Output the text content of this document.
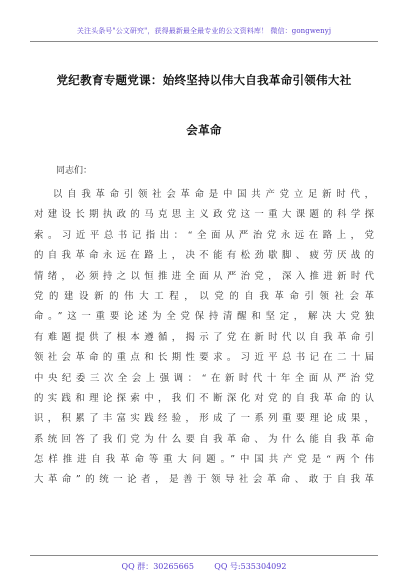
关注头条号"公文研究"，获得最新最全最专业的公文资料库！ 微信：gongwenyj
党纪教育专题党课：始终坚持以伟大自我革命引领伟大社
会革命
同志们：
以自我革命引领社会革命是中国共产党立足新时代，
对建设长期执政的马克思主义政党这一重大课题的科学探
索。习近平总书记指出：“全面从严治党永远在路上，党
的自我革命永远在路上，决不能有松劲歇脚、疲劳厌战的
情绪，必须持之以恒推进全面从严治党，深入推进新时代
党的建设新的伟大工程，以党的自我革命引领社会革
命。”这一重要论述为全党保持清醒和坚定，解决大党独
有难题提供了根本遵循，揭示了党在新时代以自我革命引
领社会革命的重点和长期性要求。习近平总书记在二十届
中央纪委三次全会上强调：“在新时代十年全面从严治党
的实践和理论探索中，我们不断深化对党的自我革命的认
识，积累了丰富实践经验，形成了一系列重要理论成果，
系统回答了我们党为什么要自我革命、为什么能自我革命
怎样推进自我革命等重大问题。”中国共产党是“两个伟
大革命”的统一论者，是善于领导社会革命、敢于自我革
QQ 群：30265665        QQ 号:535304092
